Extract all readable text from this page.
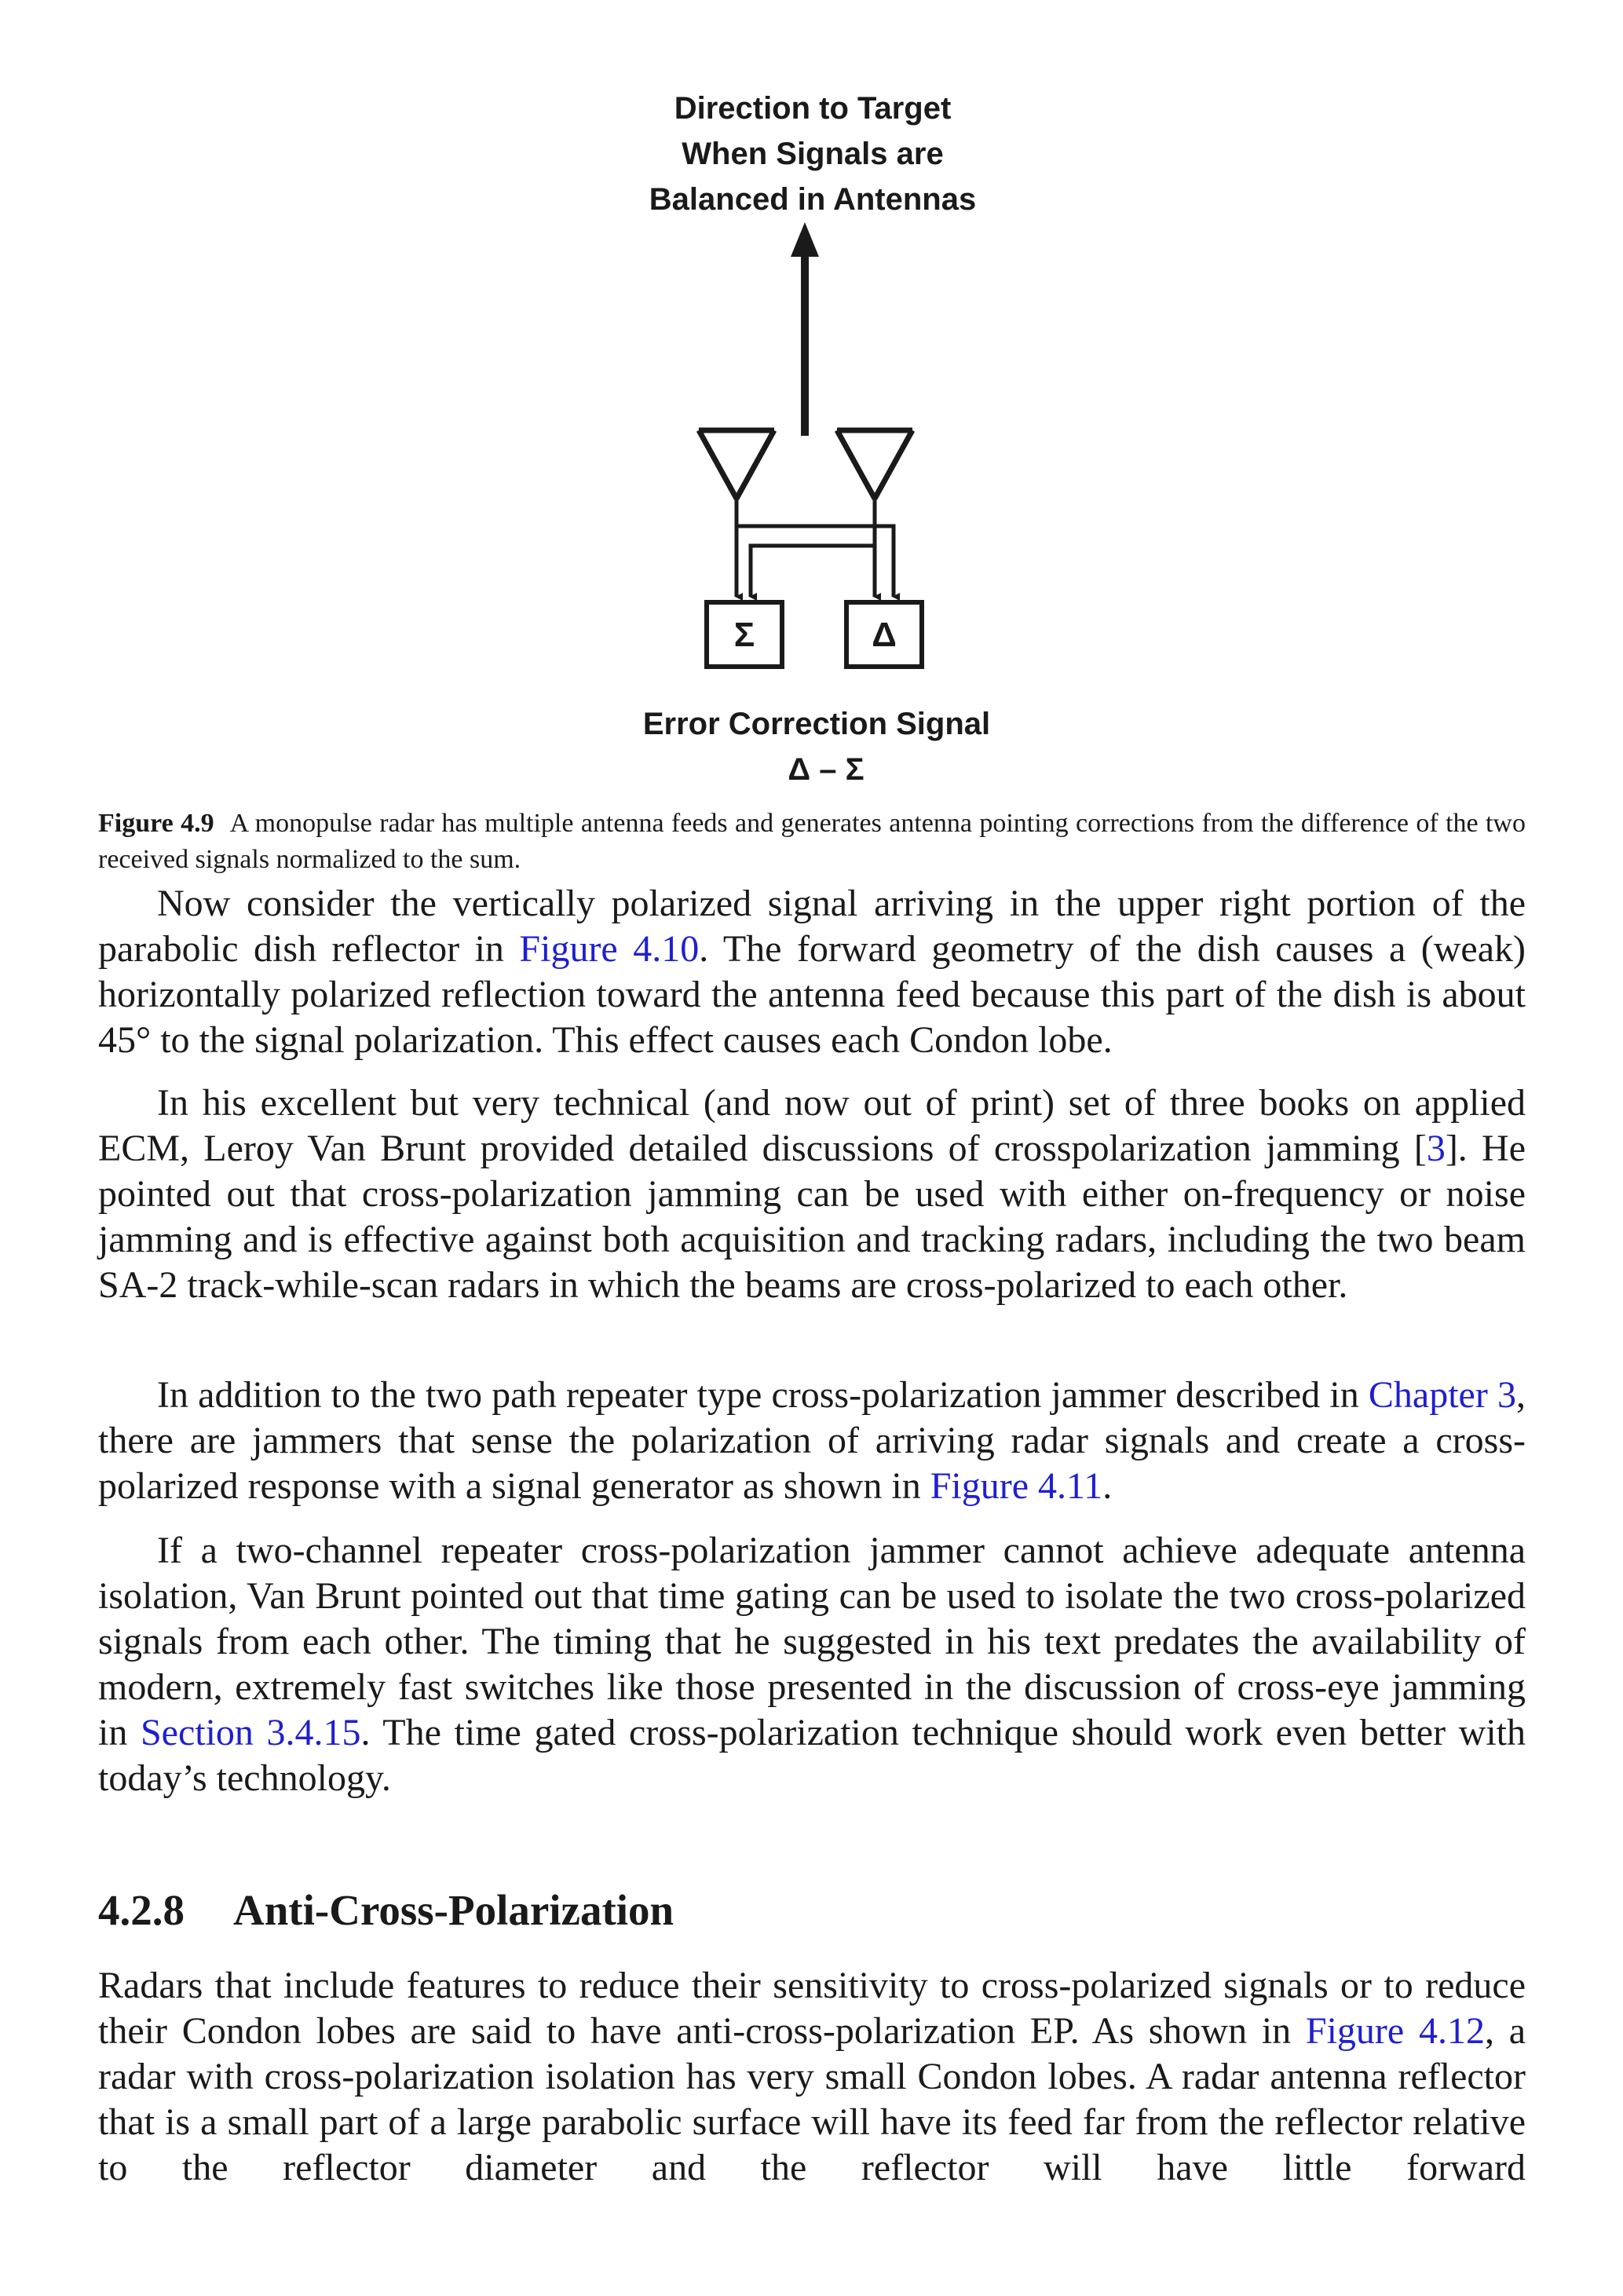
Direction to Target
When Signals are
Balanced in Antennas
Σ	Δ
Error Correction Signal
Δ – Σ
Figure 4.9 A monopulse radar has multiple antenna feeds and generates antenna pointing corrections from the difference of the two received signals normalized to the sum.

Now consider the vertically polarized signal arriving in the upper right portion of the parabolic dish reflector in Figure 4.10. The forward geometry of the dish causes a (weak) horizontally polarized reflection toward the antenna feed because this part of the dish is about 45° to the signal polarization. This effect causes each Condon lobe.

In his excellent but very technical (and now out of print) set of three books on applied ECM, Leroy Van Brunt provided detailed discussions of crosspolarization jamming [3]. He pointed out that cross-polarization jamming can be used with either on-frequency or noise jamming and is effective against both acquisition and tracking radars, including the two beam SA-2 track-while-scan radars in which the beams are cross-polarized to each other.

In addition to the two path repeater type cross-polarization jammer described in Chapter 3, there are jammers that sense the polarization of arriving radar signals and create a cross-polarized response with a signal generator as shown in Figure 4.11.

If a two-channel repeater cross-polarization jammer cannot achieve adequate antenna isolation, Van Brunt pointed out that time gating can be used to isolate the two cross-polarized signals from each other. The timing that he suggested in his text predates the availability of modern, extremely fast switches like those presented in the discussion of cross-eye jamming in Section 3.4.15. The time gated cross-polarization technique should work even better with today’s technology.

4.2.8 Anti-Cross-Polarization

Radars that include features to reduce their sensitivity to cross-polarized signals or to reduce their Condon lobes are said to have anti-cross-polarization EP. As shown in Figure 4.12, a radar with cross-polarization isolation has very small Condon lobes. A radar antenna reflector that is a small part of a large parabolic surface will have its feed far from the reflector relative to the reflector diameter and the reflector will have little forward
